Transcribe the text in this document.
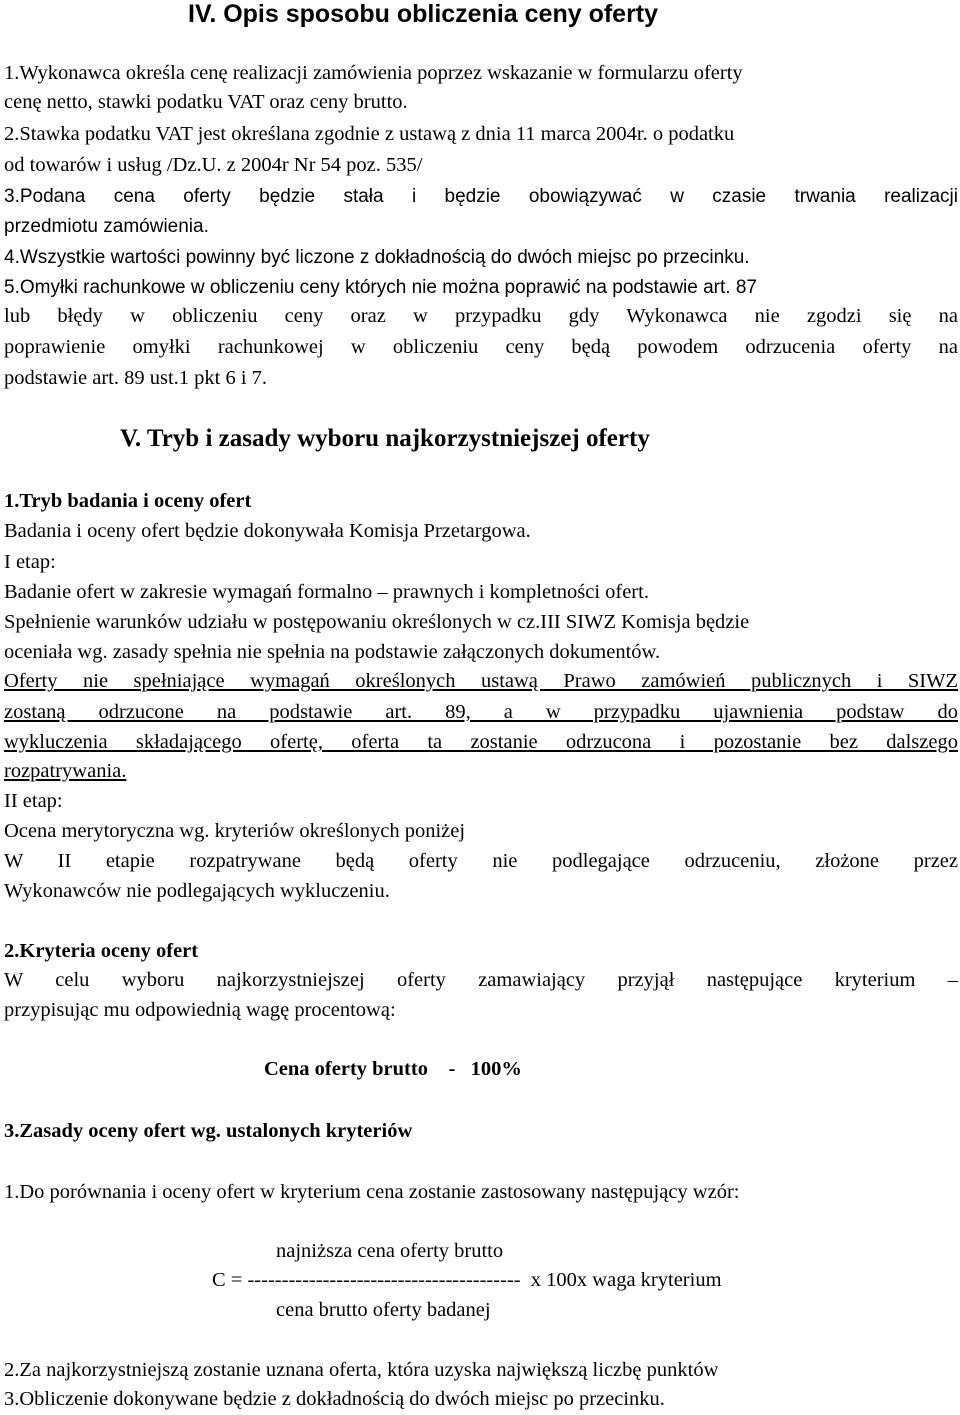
IV. Opis sposobu obliczenia ceny oferty

1.Wykonawca określa cenę realizacji zamówienia poprzez wskazanie w formularzu oferty

cenę netto, stawki podatku VAT oraz ceny brutto.

2.Stawka podatku VAT jest określana zgodnie z ustawą z dnia 11 marca 2004r. o podatku

od towarów i usług /Dz.U. z 2004r Nr 54 poz. 535/

3.Podana cena oferty będzie stała i będzie obowiązywać w czasie trwania realizacji

przedmiotu zamówienia.

4.Wszystkie wartości powinny być liczone z dokładnością do dwóch miejsc po przecinku.

5.Omyłki rachunkowe w obliczeniu ceny których nie można poprawić na podstawie art. 87

lub błędy w obliczeniu ceny oraz w przypadku gdy Wykonawca nie zgodzi się na

poprawienie omyłki rachunkowej w obliczeniu ceny będą powodem odrzucenia oferty na

podstawie art. 89 ust.1 pkt 6 i 7.

V. Tryb i zasady wyboru najkorzystniejszej oferty

1.Tryb badania i oceny ofert

Badania i oceny ofert będzie dokonywała Komisja Przetargowa.

I etap:

Badanie ofert w zakresie wymagań formalno – prawnych i kompletności ofert.

Spełnienie warunków udziału w postępowaniu określonych w cz.III SIWZ Komisja będzie

oceniała wg. zasady spełnia nie spełnia na podstawie załączonych dokumentów.

Oferty nie spełniające wymagań określonych ustawą Prawo zamówień publicznych i SIWZ

zostaną odrzucone na podstawie art. 89, a w przypadku ujawnienia podstaw do

wykluczenia składającego ofertę, oferta ta zostanie odrzucona i pozostanie bez dalszego

rozpatrywania.

II etap:

Ocena merytoryczna wg. kryteriów określonych poniżej

W II etapie rozpatrywane będą oferty nie podlegające odrzuceniu, złożone przez

Wykonawców nie podlegających wykluczeniu.

2.Kryteria oceny ofert

W celu wyboru najkorzystniejszej oferty zamawiający przyjął następujące kryterium –

przypisując mu odpowiednią wagę procentową:

Cena oferty brutto    -   100%

3.Zasady oceny ofert wg. ustalonych kryteriów

1.Do porównania i oceny ofert w kryterium cena zostanie zastosowany następujący wzór:

najniższa cena oferty brutto

C = ----------------------------------------  x 100x waga kryterium

cena brutto oferty badanej

2.Za najkorzystniejszą zostanie uznana oferta, która uzyska największą liczbę punktów

3.Obliczenie dokonywane będzie z dokładnością do dwóch miejsc po przecinku.
